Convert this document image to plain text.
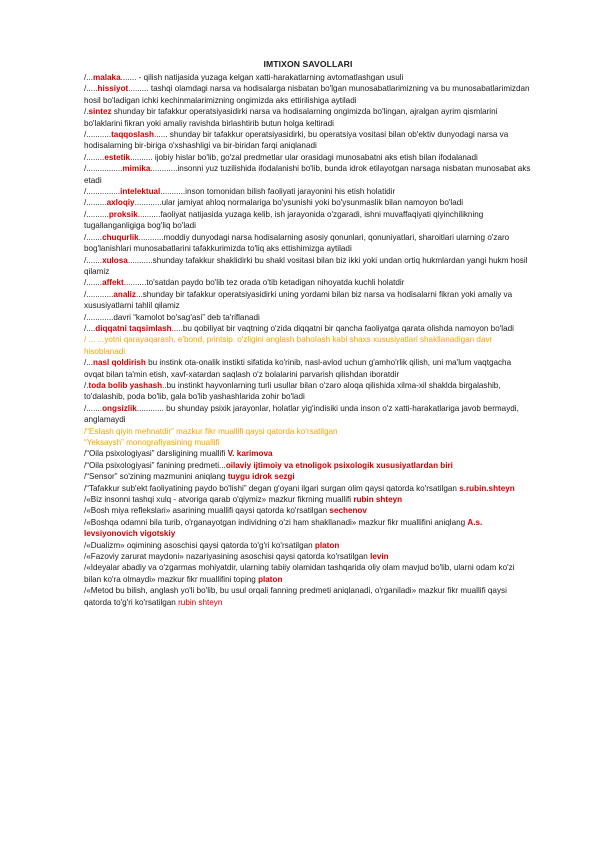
IMTIXON SAVOLLARI

/...malaka....... - qilish natijasida yuzaga kelgan xatti-harakatlarning avtomatlashgan usuli

/.....hissiyot......... tashqi olamdagi narsa va hodisalarga nisbatan bo'lgan munosabatlarimizning va bu munosabatlarimizdan hosil bo'ladigan ichki kechinmalarimizning ongimizda aks ettirilishiga aytiladi

/.sintez shunday bir tafakkur operatsiyasidirki narsa va hodisalarning ongimizda bo'lingan, ajralgan ayrim qismlarini bo'laklarini fikran yoki amaliy ravishda birlashtirib butun holga keltiradi

/...........taqqoslash...... shunday bir tafakkur operatsiyasidirki, bu operatsiya vositasi bilan ob'ektiv dunyodagi narsa va hodisalarning bir-biriga o'xshashligi va bir-biridan farqi aniqlanadi

/........estetik.......... ijobiy hislar bo'lib, go'zal predmetlar ular orasidagi munosabatni aks etish bilan ifodalanadi

/................mimika............insonni yuz tuzilishida ifodalanishi bo'lib, bunda idrok etilayotgan narsaga nisbatan munosabat aks etadi

/...............intelektual...........inson tomonidan bilish faoliyati jarayonini his etish holatidir

/.........axloqiy............ular jamiyat ahloq normalariga bo'ysunishi yoki bo'ysunmaslik bilan namoyon bo'ladi

/..........proksik..........faoliyat natijasida yuzaga kelib, ish jarayonida o'zgaradi, ishni muvaffaqiyati qiyinchilikning tugallanganligiga bog'liq bo'ladi

/.......chuqurlik...........moddiy dunyodagi narsa hodisalarning asosiy qonunlari, qonuniyatlari, sharoitlari ularning o'zaro bog'lanishlari munosabatlarini tafakkurimizda to'liq aks ettishimizga aytiladi

/.......xulosa...........shunday tafakkur shaklidirki bu shakl vositasi bilan biz ikki yoki undan ortiq hukmlardan yangi hukm hosil qilamiz

/.......affekt..........to'satdan paydo bo'lib tez orada o'tib ketadigan nihoyatda kuchli holatdir

/............analiz...shunday bir tafakkur operatsiyasidirki uning yordami bilan biz narsa va hodisalarni fikran yoki amaliy va xususiyatlarni tahlil qilamiz

/............davri “kamolot bo'sag'asi” deb ta'riflanadi

/....diqqatni taqsimlash.....bu qobiliyat bir vaqtning o'zida diqqatni bir qancha faoliyatga qarata olishda namoyon bo'ladi

/ ... ...yotni qarayaqarash, e'bond, printsip. o'zligini anglash bahoIash kabi shaxs xususiyatlari shakllanadigan davr hisoblanadi

/...nasl qoldirish bu instink ota-onalik instikti sifatida ko'rinib, nasl-avlod uchun g'amho'rlik qilish, uni ma'lum vaqtgacha ovqat bilan ta'min etish, xavf-xatardan saqlash o'z bolalarini parvarish qilishdan iboratdir

/.toda bolib yashash..bu instinkt hayvonlarning turli usullar bilan o'zaro aloqa qilishida xilma-xil shaklda birgalashib, to'dalashib, poda bo'lib, gala bo'lib yashashlarida zohir bo'ladi

/.......ongsizlik............ bu shunday psixik jarayonlar, holatlar yig'indisiki unda inson o'z xatti-harakatlariga javob bermaydi, anglamaydi

/“EsIash qiyin mehnatdir” mazkur fikr muallifi qaysi qatorda ko'rsatilgan

“Yeksaysh” monografiyasining muallifi

/“Oila psixologiyasi” darsligining muallifi V. karimova

/“Oila psixologiyasi” fanining predmeti...oilaviy ijtimoiy va etnoligok psixologik xususiyatlardan biri

/“Sensor” so'zining mazmunini aniqlang tuygu idrok sezgi

/“Tafakkur sub'ekt faoliyatining paydo bo'lishi” degan g'oyani ilgari surgan olim qaysi qatorda ko'rsatilgan s.rubin.shteyn

/«Biz insonni tashqi xulq - atvoriga qarab o'qiymiz» mazkur fikrning muallifi rubin shteyn

/«Bosh miya reflekslari» asarining muallifi qaysi qatorda ko'rsatilgan sechenov

/«Boshqa odamni bila turib, o'rganayotgan individning o'zi ham shakllanadi» mazkur fikr muallifini aniqlang A.s. levsiyonovich vigotskiy

/«Dualizm» oqimining asoschisi qaysi qatorda to'g'ri ko'rsatilgan platon

/«Fazoviy zarurat maydoni» nazariyasining asoschisi qaysi qatorda ko'rsatilgan levin

/«Ideyalar abadiy va o'zgarmas mohiyatdir, ularning tabiiy olamidan tashqarida oliy olam mavjud bo'lib, ularni odam ko'zi bilan ko'ra olmaydi» mazkur fikr muallifini toping platon

/«Metod bu bilish, anglash yo'li bo'lib, bu usul orqali fanning predmeti aniqlanadi, o'rganiladi» mazkur fikr muallifi qaysi qatorda to'g'ri ko'rsatilgan rubin shteyn
